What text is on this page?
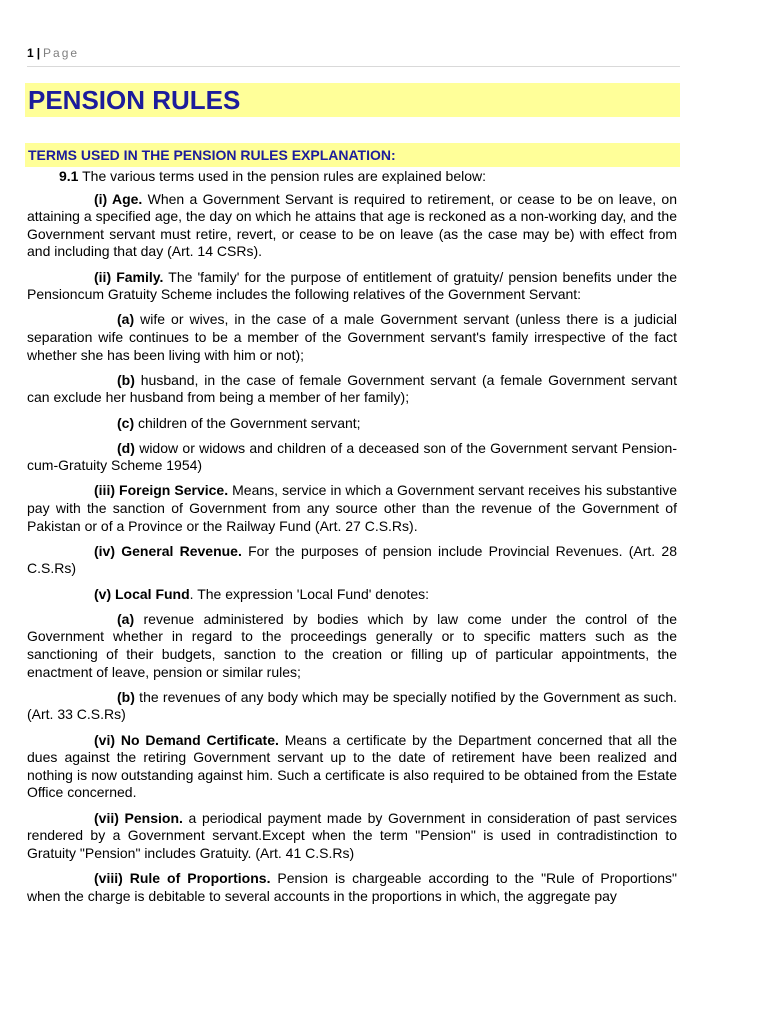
1 | Page
PENSION RULES
TERMS USED IN THE PENSION RULES EXPLANATION:

9.1 The various terms used in the pension rules are explained below:

(i) Age. When a Government Servant is required to retirement, or cease to be on leave, on attaining a specified age, the day on which he attains that age is reckoned as a non-working day, and the Government servant must retire, revert, or cease to be on leave (as the case may be) with effect from and including that day (Art. 14 CSRs).

(ii) Family. The 'family' for the purpose of entitlement of gratuity/ pension benefits under the Pensioncum Gratuity Scheme includes the following relatives of the Government Servant:

(a) wife or wives, in the case of a male Government servant (unless there is a judicial separation wife continues to be a member of the Government servant's family irrespective of the fact whether she has been living with him or not);

(b) husband, in the case of female Government servant (a female Government servant can exclude her husband from being a member of her family);

(c) children of the Government servant;

(d) widow or widows and children of a deceased son of the Government servant Pension-cum-Gratuity Scheme 1954)

(iii) Foreign Service. Means, service in which a Government servant receives his substantive pay with the sanction of Government from any source other than the revenue of the Government of Pakistan or of a Province or the Railway Fund (Art. 27 C.S.Rs).

(iv) General Revenue. For the purposes of pension include Provincial Revenues. (Art. 28 C.S.Rs)

(v) Local Fund. The expression 'Local Fund' denotes:

(a) revenue administered by bodies which by law come under the control of the Government whether in regard to the proceedings generally or to specific matters such as the sanctioning of their budgets, sanction to the creation or filling up of particular appointments, the enactment of leave, pension or similar rules;

(b) the revenues of any body which may be specially notified by the Government as such. (Art. 33 C.S.Rs)

(vi) No Demand Certificate. Means a certificate by the Department concerned that all the dues against the retiring Government servant up to the date of retirement have been realized and nothing is now outstanding against him. Such a certificate is also required to be obtained from the Estate Office concerned.

(vii) Pension. a periodical payment made by Government in consideration of past services rendered by a Government servant.Except when the term "Pension" is used in contradistinction to Gratuity "Pension" includes Gratuity. (Art. 41 C.S.Rs)

(viii) Rule of Proportions. Pension is chargeable according to the "Rule of Proportions" when the charge is debitable to several accounts in the proportions in which, the aggregate pay
